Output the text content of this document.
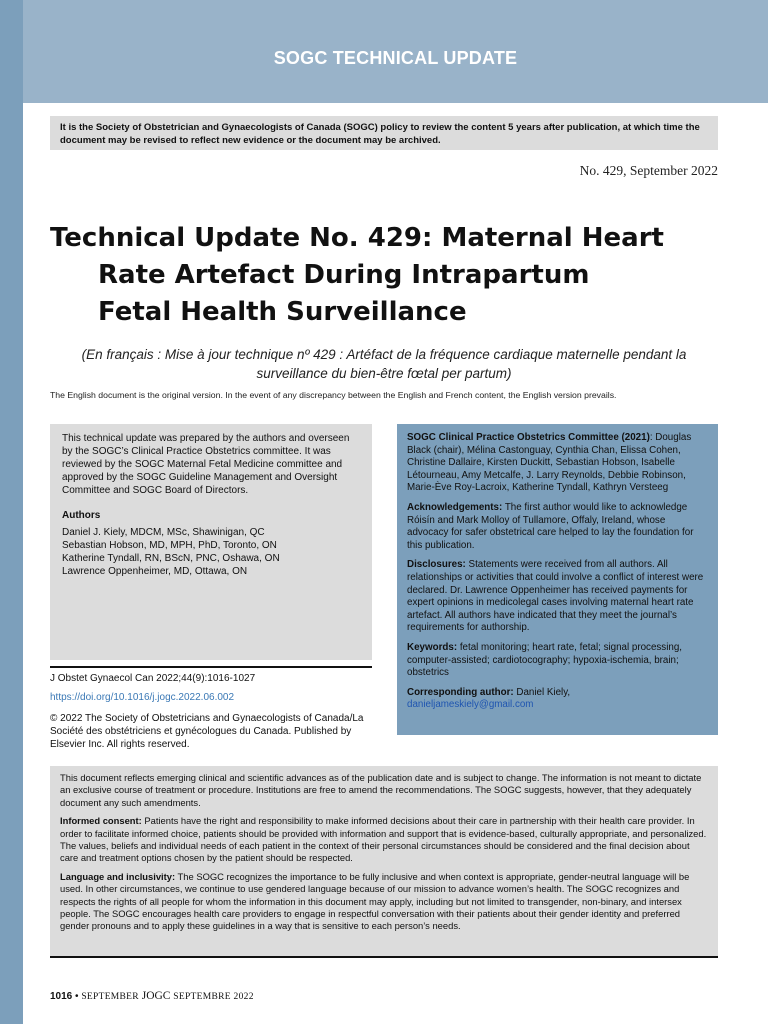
SOGC TECHNICAL UPDATE
It is the Society of Obstetrician and Gynaecologists of Canada (SOGC) policy to review the content 5 years after publication, at which time the document may be revised to reflect new evidence or the document may be archived.
No. 429, September 2022
Technical Update No. 429: Maternal Heart
Rate Artefact During Intrapartum
Fetal Health Surveillance
(En français : Mise à jour technique nº 429 : Artéfact de la fréquence cardiaque maternelle pendant la surveillance du bien-être fœtal per partum)
The English document is the original version. In the event of any discrepancy between the English and French content, the English version prevails.
This technical update was prepared by the authors and overseen by the SOGC’s Clinical Practice Obstetrics committee. It was reviewed by the SOGC Maternal Fetal Medicine committee and approved by the SOGC Guideline Management and Oversight Committee and SOGC Board of Directors.
Authors
Daniel J. Kiely, MDCM, MSc, Shawinigan, QC
Sebastian Hobson, MD, MPH, PhD, Toronto, ON
Katherine Tyndall, RN, BScN, PNC, Oshawa, ON
Lawrence Oppenheimer, MD, Ottawa, ON
J Obstet Gynaecol Can 2022;44(9):1016-1027
https://doi.org/10.1016/j.jogc.2022.06.002
© 2022 The Society of Obstetricians and Gynaecologists of Canada/La Société des obstétriciens et gynécologues du Canada. Published by Elsevier Inc. All rights reserved.

SOGC Clinical Practice Obstetrics Committee (2021): Douglas Black (chair), Mélina Castonguay, Cynthia Chan, Elissa Cohen, Christine Dallaire, Kirsten Duckitt, Sebastian Hobson, Isabelle Létourneau, Amy Metcalfe, J. Larry Reynolds, Debbie Robinson, Marie-Ève Roy-Lacroix, Katherine Tyndall, Kathryn Versteeg

Acknowledgements: The first author would like to acknowledge Róisín and Mark Molloy of Tullamore, Offaly, Ireland, whose advocacy for safer obstetrical care helped to lay the foundation for this publication.

Disclosures: Statements were received from all authors. All relationships or activities that could involve a conflict of interest were declared. Dr. Lawrence Oppenheimer has received payments for expert opinions in medicolegal cases involving maternal heart rate artefact. All authors have indicated that they meet the journal’s requirements for authorship.

Keywords: fetal monitoring; heart rate, fetal; signal processing, computer-assisted; cardiotocography; hypoxia-ischemia, brain; obstetrics

Corresponding author: Daniel Kiely,
danieljameskiely@gmail.com

This document reflects emerging clinical and scientific advances as of the publication date and is subject to change. The information is not meant to dictate an exclusive course of treatment or procedure. Institutions are free to amend the recommendations. The SOGC suggests, however, that they adequately document any such amendments.

Informed consent: Patients have the right and responsibility to make informed decisions about their care in partnership with their health care provider. In order to facilitate informed choice, patients should be provided with information and support that is evidence-based, culturally appropriate, and personalized. The values, beliefs and individual needs of each patient in the context of their personal circumstances should be considered and the final decision about care and treatment options chosen by the patient should be respected.

Language and inclusivity: The SOGC recognizes the importance to be fully inclusive and when context is appropriate, gender-neutral language will be used. In other circumstances, we continue to use gendered language because of our mission to advance women’s health. The SOGC recognizes and respects the rights of all people for whom the information in this document may apply, including but not limited to transgender, non-binary, and intersex people. The SOGC encourages health care providers to engage in respectful conversation with their patients about their gender identity and preferred gender pronouns and to apply these guidelines in a way that is sensitive to each person’s needs.

1016 • SEPTEMBER JOGC SEPTEMBRE 2022
